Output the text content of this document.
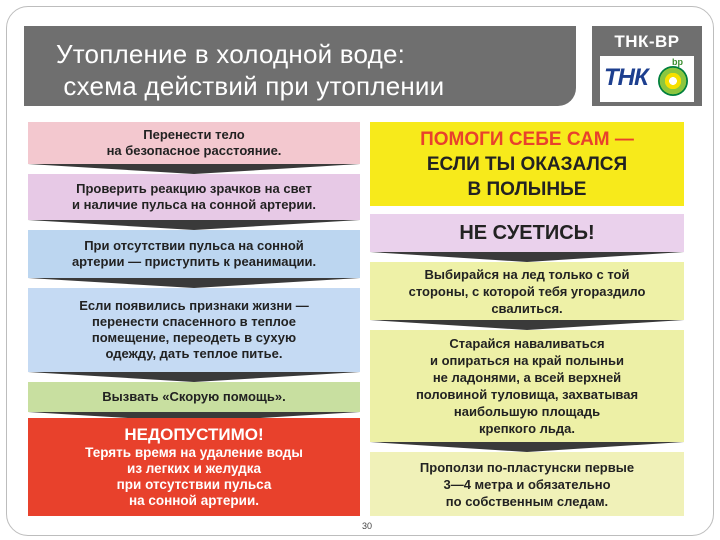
Утопление в холодной воде:
схема действий при утоплении
ТНК-ВР
ТНК
bp
Перенести тело
на безопасное расстояние.
Проверить реакцию зрачков на свет
и наличие пульса на сонной артерии.
При отсутствии пульса на сонной
артерии — приступить к реанимации.
Если появились признаки жизни —
перенести спасенного в теплое
помещение, переодеть в сухую
одежду, дать теплое питье.
Вызвать «Скорую помощь».
НЕДОПУСТИМО!
Терять время на удаление воды
из легких и желудка
при отсутствии пульса
на сонной артерии.
ПОМОГИ СЕБЕ САМ —
ЕСЛИ ТЫ ОКАЗАЛСЯ
В ПОЛЫНЬЕ
НЕ СУЕТИСЬ!
Выбирайся на лед только с той
стороны, с которой тебя угораздило
свалиться.
Старайся наваливаться
и опираться на край полыньи
не ладонями, а всей верхней
половиной туловища, захватывая
наибольшую площадь
крепкого льда.
Проползи по-пластунски первые
3—4 метра и обязательно
по собственным следам.
30
